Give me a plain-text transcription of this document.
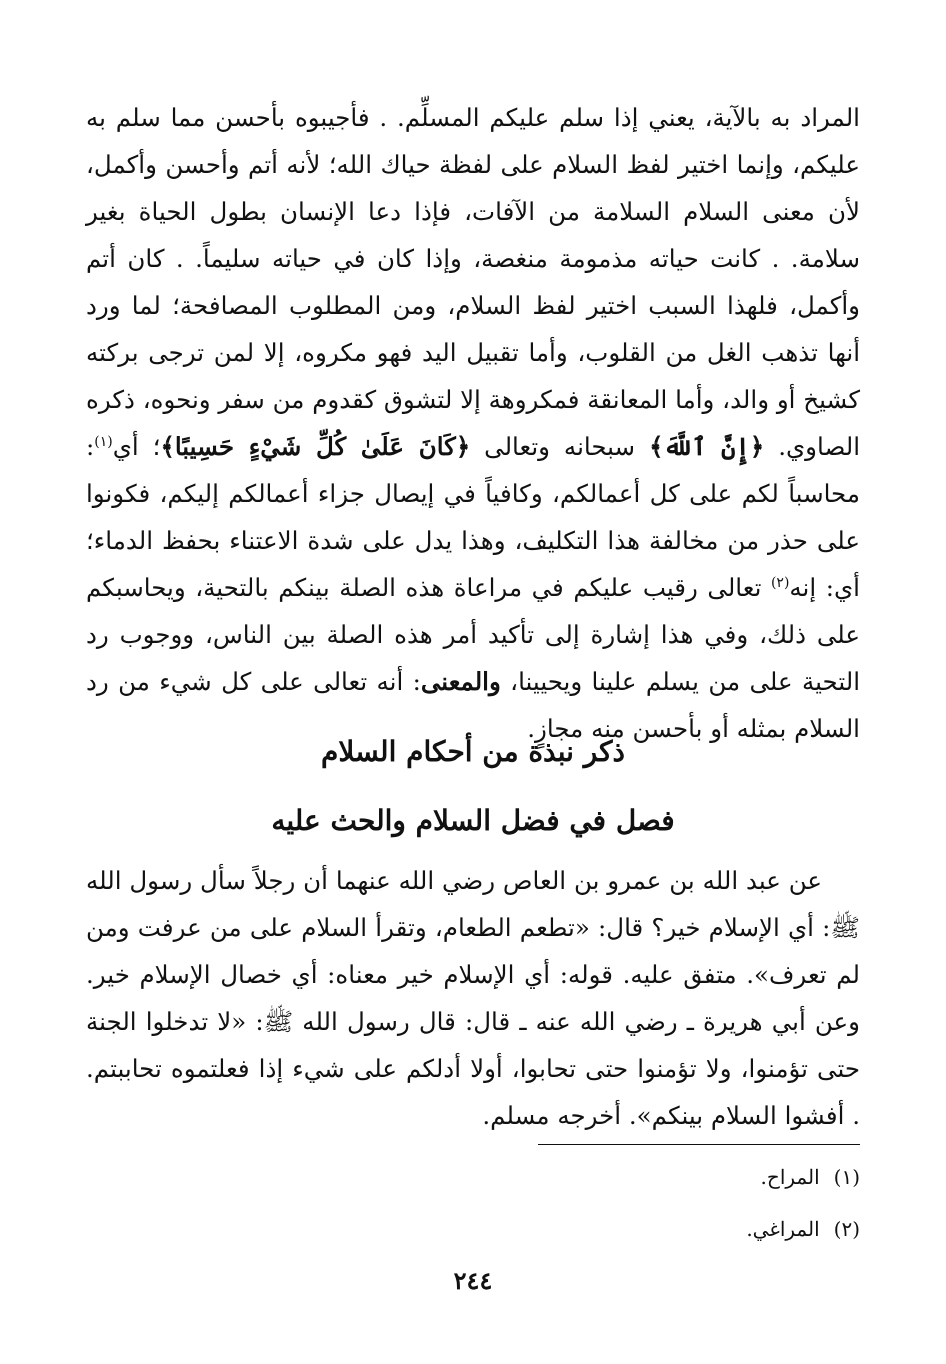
المراد به بالآية، يعني إذا سلم عليكم المسلِّم. . فأجيبوه بأحسن مما سلم به عليكم، وإنما اختير لفظ السلام على لفظة حياك الله؛ لأنه أتم وأحسن وأكمل، لأن معنى السلام السلامة من الآفات، فإذا دعا الإنسان بطول الحياة بغير سلامة. . كانت حياته مذمومة منغصة، وإذا كان في حياته سليماً. . كان أتم وأكمل، فلهذا السبب اختير لفظ السلام، ومن المطلوب المصافحة؛ لما ورد أنها تذهب الغل من القلوب، وأما تقبيل اليد فهو مكروه، إلا لمن ترجى بركته كشيخ أو والد، وأما المعانقة فمكروهة إلا لتشوق كقدوم من سفر ونحوه، ذكره الصاوي. ﴿إِنَّ ٱللَّهَ﴾ سبحانه وتعالى ﴿كَانَ عَلَىٰ كُلِّ شَيْءٍ حَسِيبًا﴾؛ أي$^{(١)}$: محاسباً لكم على كل أعمالكم، وكافياً في إيصال جزاء أعمالكم إليكم، فكونوا على حذر من مخالفة هذا التكليف، وهذا يدل على شدة الاعتناء بحفظ الدماء؛ أي: إنه$^{(٢)}$ تعالى رقيب عليكم في مراعاة هذه الصلة بينكم بالتحية، ويحاسبكم على ذلك، وفي هذا إشارة إلى تأكيد أمر هذه الصلة بين الناس، ووجوب رد التحية على من يسلم علينا ويحيينا، والمعنى: أنه تعالى على كل شيء من رد السلام بمثله أو بأحسن منه مجازٍ.

ذكر نبذة من أحكام السلام
فصل في فضل السلام والحث عليه

عن عبد الله بن عمرو بن العاص رضي الله عنهما أن رجلاً سأل رسول الله ﷺ: أي الإسلام خير؟ قال: «تطعم الطعام، وتقرأ السلام على من عرفت ومن لم تعرف». متفق عليه. قوله: أي الإسلام خير معناه: أي خصال الإسلام خير. وعن أبي هريرة ـ رضي الله عنه ـ قال: قال رسول الله ﷺ: «لا تدخلوا الجنة حتى تؤمنوا، ولا تؤمنوا حتى تحابوا، أولا أدلكم على شيء إذا فعلتموه تحاببتم. . أفشوا السلام بينكم». أخرجه مسلم.

(١)المراح.

(٢)المراغي.

٢٤٤
